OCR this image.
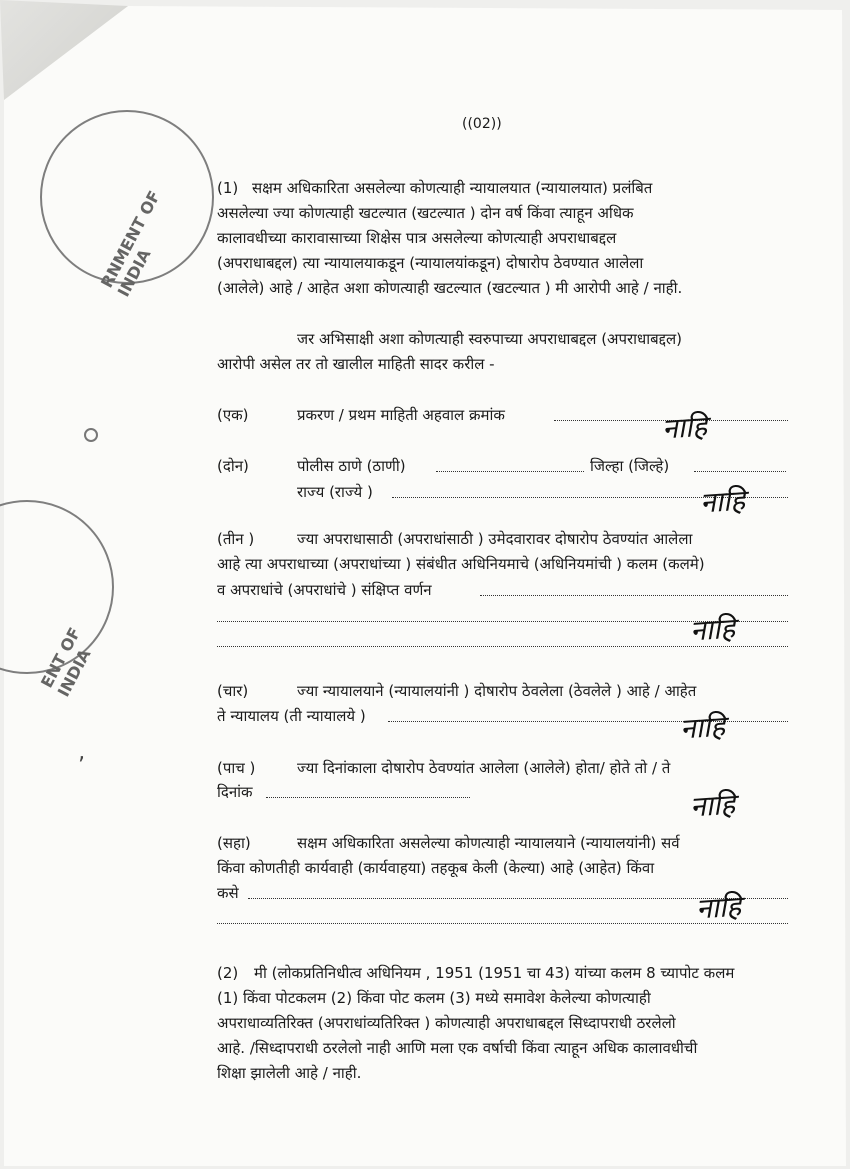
RNMENT OF INDIA
ENT OF INDIA
‚
((02))
(1) सक्षम अधिकारिता असलेल्या कोणत्याही न्यायालयात (न्यायालयात) प्रलंबित
असलेल्या ज्या कोणत्याही खटल्यात (खटल्यात ) दोन वर्ष किंवा त्याहून अधिक
कालावधीच्या कारावासाच्या शिक्षेस पात्र असलेल्या कोणत्याही अपराधाबद्दल
(अपराधाबद्दल) त्या न्यायालयाकडून (न्यायालयांकडून) दोषारोप ठेवण्यात आलेला
(आलेले) आहे / आहेत अशा कोणत्याही खटल्यात (खटल्यात ) मी आरोपी आहे / नाही.
जर अभिसाक्षी अशा कोणत्याही स्वरुपाच्या अपराधाबद्दल (अपराधाबद्दल)
आरोपी असेल तर तो खालील माहिती सादर करील -
(एक)	प्रकरण / प्रथम माहिती अहवाल क्रमांक	नाहि
(दोन)	पोलीस ठाणे (ठाणी)	जिल्हा (जिल्हे)
राज्य (राज्ये )	नाहि
(तीन )	ज्या अपराधासाठी (अपराधांसाठी ) उमेदवारावर दोषारोप ठेवण्यांत आलेला
आहे त्या अपराधाच्या (अपराधांच्या ) संबंधीत अधिनियमाचे (अधिनियमांची ) कलम (कलमे)
व अपराधांचे (अपराधांचे ) संक्षिप्त वर्णन
नाहि
(चार)	ज्या न्यायालयाने (न्यायालयांनी ) दोषारोप ठेवलेला (ठेवलेले ) आहे / आहेत
ते न्यायालय (ती न्यायालये )	नाहि
(पाच )	ज्या दिनांकाला दोषारोप ठेवण्यांत आलेला (आलेले) होता/ होते तो / ते
दिनांक	नाहि
(सहा)	सक्षम अधिकारिता असलेल्या कोणत्याही न्यायालयाने (न्यायालयांनी) सर्व
किंवा कोणतीही कार्यवाही (कार्यवाहया) तहकूब केली (केल्या) आहे (आहेत) किंवा
कसे	नाहि
(2) मी (लोकप्रतिनिधीत्व अधिनियम , 1951 (1951 चा 43) यांच्या कलम 8 च्यापोट कलम
(1) किंवा पोटकलम (2) किंवा पोट कलम (3) मध्ये समावेश केलेल्या कोणत्याही
अपराधाव्यतिरिक्त (अपराधांव्यतिरिक्त ) कोणत्याही अपराधाबद्दल सिध्दापराधी ठरलेलो
आहे. /सिध्दापराधी ठरलेलो नाही आणि मला एक वर्षाची किंवा त्याहून अधिक कालावधीची
शिक्षा झालेली आहे / नाही.
